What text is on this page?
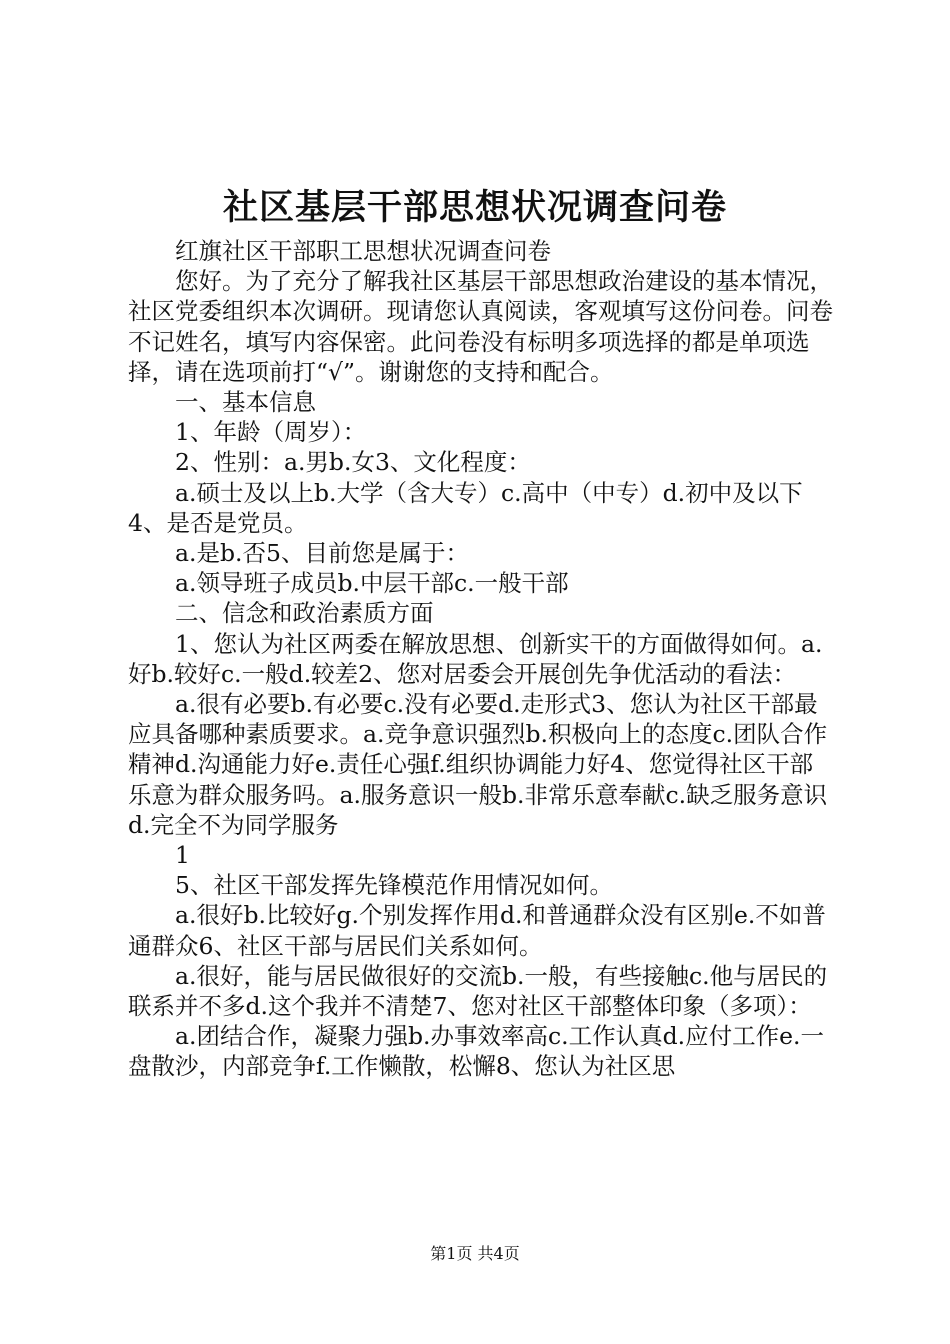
社区基层干部思想状况调查问卷

红旗社区干部职工思想状况调查问卷

您好。为了充分了解我社区基层干部思想政治建设的基本情况，社区党委组织本次调研。现请您认真阅读，客观填写这份问卷。问卷不记姓名，填写内容保密。此问卷没有标明多项选择的都是单项选择，请在选项前打“√”。谢谢您的支持和配合。

一、基本信息

1、年龄（周岁）：

2、性别：a.男b.女3、文化程度：

a.硕士及以上b.大学（含大专）c.高中（中专）d.初中及以下4、是否是党员。

a.是b.否5、目前您是属于：

a.领导班子成员b.中层干部c.一般干部

二、信念和政治素质方面

1、您认为社区两委在解放思想、创新实干的方面做得如何。a.好b.较好c.一般d.较差2、您对居委会开展创先争优活动的看法：

a.很有必要b.有必要c.没有必要d.走形式3、您认为社区干部最应具备哪种素质要求。a.竞争意识强烈b.积极向上的态度c.团队合作精神d.沟通能力好e.责任心强f.组织协调能力好4、您觉得社区干部乐意为群众服务吗。a.服务意识一般b.非常乐意奉献c.缺乏服务意识d.完全不为同学服务

1

5、社区干部发挥先锋模范作用情况如何。

a.很好b.比较好g.个别发挥作用d.和普通群众没有区别e.不如普通群众6、社区干部与居民们关系如何。

a.很好，能与居民做很好的交流b.一般，有些接触c.他与居民的联系并不多d.这个我并不清楚7、您对社区干部整体印象（多项）：

a.团结合作，凝聚力强b.办事效率高c.工作认真d.应付工作e.一盘散沙，内部竞争f.工作懒散，松懈8、您认为社区思

第1页 共4页
